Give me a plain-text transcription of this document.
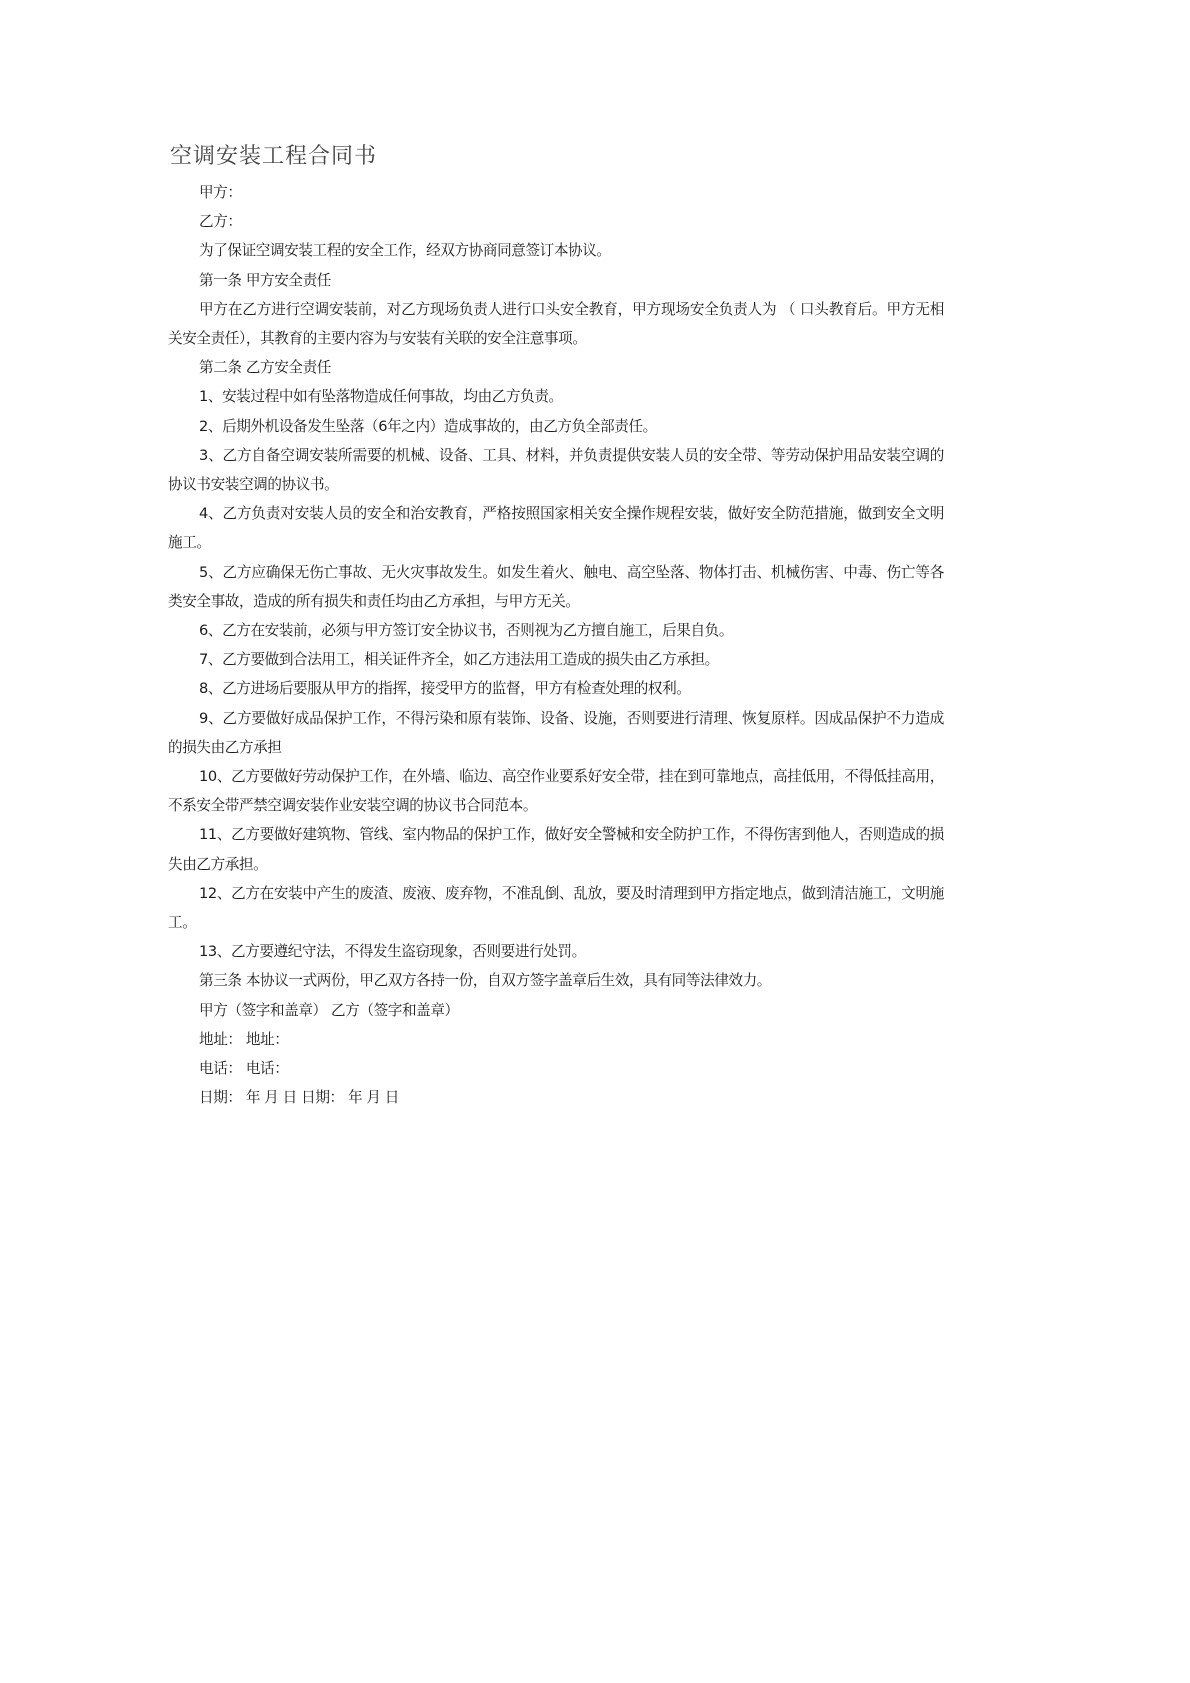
空调安装工程合同书

甲方：

乙方：

为了保证空调安装工程的安全工作，经双方协商同意签订本协议。

第一条 甲方安全责任

甲方在乙方进行空调安装前，对乙方现场负责人进行口头安全教育，甲方现场安全负责人为 （ 口头教育后。甲方无相关安全责任），其教育的主要内容为与安装有关联的安全注意事项。

第二条 乙方安全责任

1、安装过程中如有坠落物造成任何事故，均由乙方负责。

2、后期外机设备发生坠落（6年之内）造成事故的，由乙方负全部责任。

3、乙方自备空调安装所需要的机械、设备、工具、材料，并负责提供安装人员的安全带、等劳动保护用品安装空调的协议书安装空调的协议书。

4、乙方负责对安装人员的安全和治安教育，严格按照国家相关安全操作规程安装，做好安全防范措施，做到安全文明施工。

5、乙方应确保无伤亡事故、无火灾事故发生。如发生着火、触电、高空坠落、物体打击、机械伤害、中毒、伤亡等各类安全事故，造成的所有损失和责任均由乙方承担，与甲方无关。

6、乙方在安装前，必须与甲方签订安全协议书，否则视为乙方擅自施工，后果自负。

7、乙方要做到合法用工，相关证件齐全，如乙方违法用工造成的损失由乙方承担。

8、乙方进场后要服从甲方的指挥，接受甲方的监督，甲方有检查处理的权利。

9、乙方要做好成品保护工作，不得污染和原有装饰、设备、设施，否则要进行清理、恢复原样。因成品保护不力造成的损失由乙方承担

10、乙方要做好劳动保护工作，在外墙、临边、高空作业要系好安全带，挂在到可靠地点，高挂低用，不得低挂高用，不系安全带严禁空调安装作业安装空调的协议书合同范本。

11、乙方要做好建筑物、管线、室内物品的保护工作，做好安全警械和安全防护工作，不得伤害到他人，否则造成的损失由乙方承担。

12、乙方在安装中产生的废渣、废液、废弃物，不准乱倒、乱放，要及时清理到甲方指定地点，做到清洁施工，文明施工。

13、乙方要遵纪守法，不得发生盗窃现象，否则要进行处罚。

第三条 本协议一式两份，甲乙双方各持一份，自双方签字盖章后生效，具有同等法律效力。

甲方（签字和盖章） 乙方（签字和盖章）

地址： 地址：

电话： 电话：

日期： 年 月 日 日期： 年 月 日
